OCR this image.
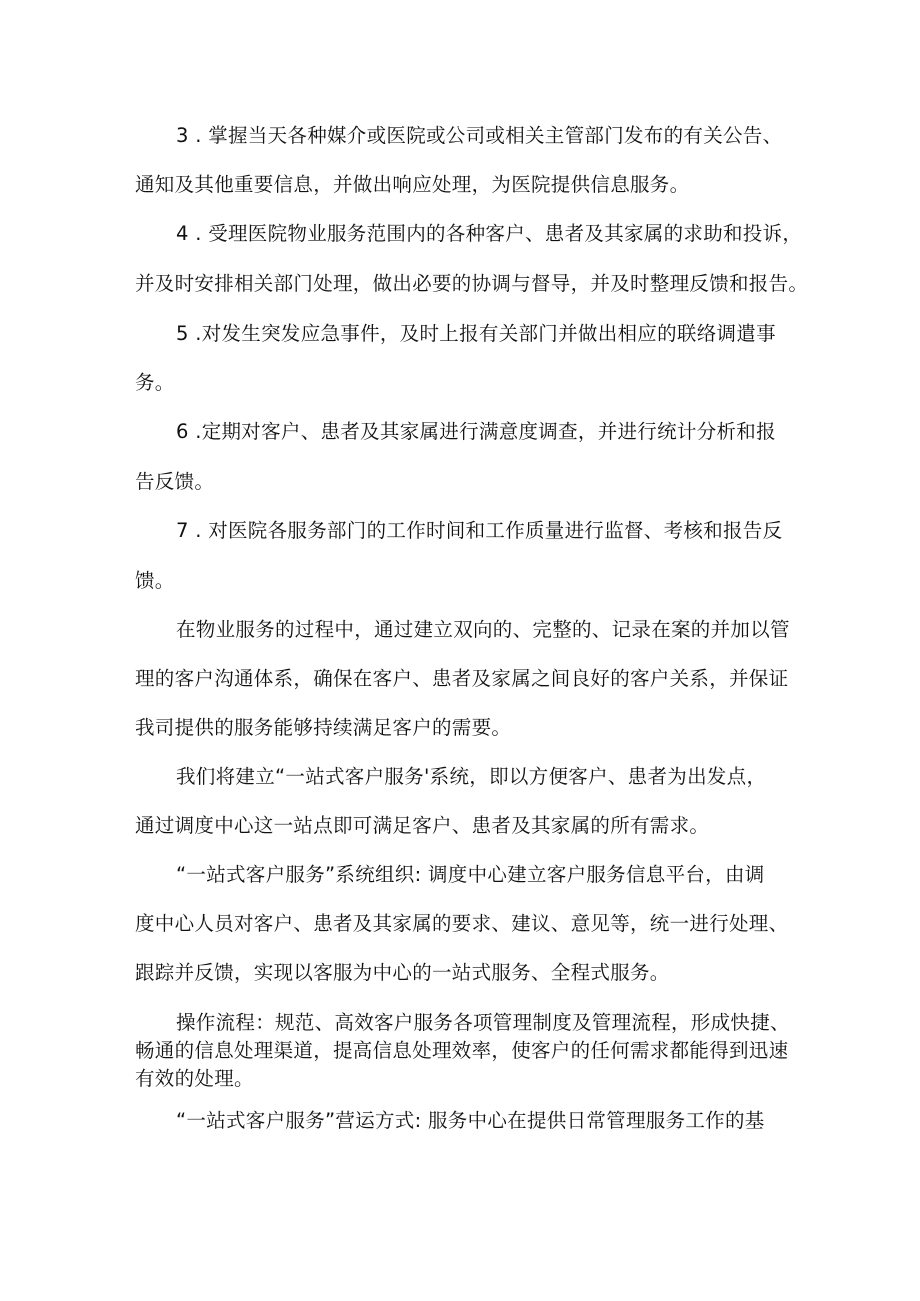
3 . 掌握当天各种媒介或医院或公司或相关主管部门发布的有关公告、
通知及其他重要信息，并做出响应处理，为医院提供信息服务。
4 . 受理医院物业服务范围内的各种客户、患者及其家属的求助和投诉，
并及时安排相关部门处理，做出必要的协调与督导，并及时整理反馈和报告。
5 .对发生突发应急事件，及时上报有关部门并做出相应的联络调遣事
务。
6 .定期对客户、患者及其家属进行满意度调查，并进行统计分析和报
告反馈。
7 . 对医院各服务部门的工作时间和工作质量进行监督、考核和报告反
馈。
在物业服务的过程中，通过建立双向的、完整的、记录在案的并加以管
理的客户沟通体系，确保在客户、患者及家属之间良好的客户关系，并保证
我司提供的服务能够持续满足客户的需要。
我们将建立“一站式客户服务'系统，即以方便客户、患者为出发点，
通过调度中心这一站点即可满足客户、患者及其家属的所有需求。
“一站式客户服务”系统组织: 调度中心建立客户服务信息平台，由调
度中心人员对客户、患者及其家属的要求、建议、意见等，统一进行处理、
跟踪并反馈，实现以客服为中心的一站式服务、全程式服务。
操作流程：规范、高效客户服务各项管理制度及管理流程，形成快捷、
畅通的信息处理渠道，提高信息处理效率，使客户的任何需求都能得到迅速
有效的处理。
“一站式客户服务”营运方式: 服务中心在提供日常管理服务工作的基
